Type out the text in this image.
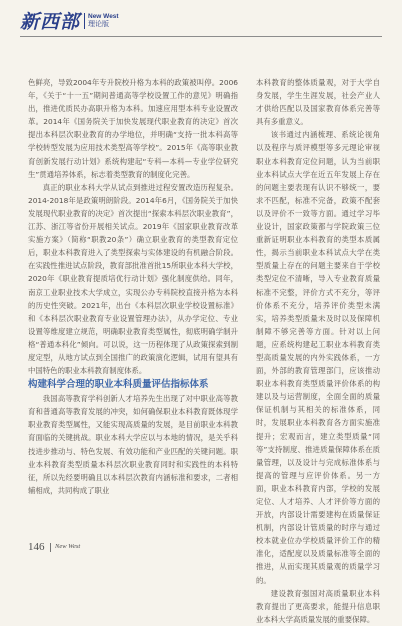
新西部 New West
理论版

色鲜亮，导致2004年专升院校升格为本科的政策被叫停。2006年，《关于“十一五”期间普通高等学校设置工作的意见》明确指出，推进优质民办高职升格为本科。加速应用型本科专业设置改革。2014年《国务院关于加快发展现代职业教育的决定》首次提出本科层次职业教育的办学地位，并明确“支持一批本科高等学校转型发展为应用技术类型高等学校”。2015年《高等职业教育创新发展行动计划》系统构建起“专科—本科—专业学位研究生”贯通培养体系，标志着类型教育的制度化完善。

真正的职业本科大学从试点到推进过程安置改造历程复杂。2014-2018年是政策明朗阶段。2014年6月，《国务院关于加快发展现代职业教育的决定》首次提出“探索本科层次职业教育”，江苏、浙江等省份开展相关试点。2019年《国家职业教育改革实施方案》（简称“职教20条”）确立职业教育的类型教育定位后，职业本科教育进入了类型探索与实体建设的有机融合阶段。在实践性推进试点阶段，教育部批准首批15所职业本科大学校，2020年《职业教育提质培优行动计划》强化制度供给。同年，南京工业职业技术大学成立，实现公办专科院校直接升格为本科的历史性突破。2021年，出台《本科层次职业学校设置标准》和《本科层次职业教育专业设置管理办法》，从办学定位、专业设置等维度建立规范，明确职业教育类型属性，彻底明确学制升格“普通本科化”倾向。可以说，这一历程体现了从政策探索到制度定型，从地方试点到全国推广的政策演化逻辑，试用有望具有中国特色的职业本科教育制度体系。

构建科学合理的职业本科质量评估指标体系

我国高等教育学科创新人才培养先生出现了对中职业高等教育和普通高等教育发展的冲突，如何确保职业本科教育既体现学职业教育类型属性，又能实现高质量的发展，是目前职业本科教育面临的关键挑战。职业本科大学应以与本地的情况，是关乎科技进步推动与、特色发展、有效功能和产业匹配的关键问题。职业本科教育类型质量本科层次职业教育同时和实践性的本科特征，所以先经要明确且以本科层次教育内涵标准和要求，二者相辅相成，共同构成了职业

本科教育的整体质量观，对于大学自身发展，学生生涯发展，社会产业人才供给匹配以及国家教育体系完善等具有多重意义。

该书通过内涵梳理、系统论视角以及程序与质评模型等多元理论审视职业本科教育定位问题，认为当前职业本科试点大学在近五年发展上存在的问题主要表现有认识不够统一，要求不匹配，标准不完备，政策不配套以及评价不一致等方面。通过学习毕业设计，国家政策都与学院政策三位重新证明职业本科教育的类型本质属性，揭示当前职业本科试点大学在类型质量上存在的问题主要来自于学校类型定位不清晰，导入专业教育质量标准不完整，评价方式不充分，等评价体系不充分，培养评价类型未满实，培养类型质量未及时以及保障机制障不够完善等方面。针对以上问题，应系统构建起工职业本科教育类型高质量发展的内外实践体系，一方面，外部的教育管理部门，应该推动职业本科教育类型质量评价体系的构建以及与运营制度，全面全面的质量保证机制与其相关的标准体系，同时，发展职业本科教育各方面实施准提升；宏观而言，建立类型质量“同等”支持制度、推进质量保障体系在质量管理，以及设计与完成标准体系与提高的管理与应评价体系。另一方面，职业本科教育内部，学校的发展定位、人才培养、人才评价等方面的开放，内部设计需要建构在质量保证机制，内部设计管质量的时序与通过校本就业位办学校质量评价工作的精准化，适配度以及质量标准等全面的推进，从而实现其质量观的质量学习的。

建设教育强国对高质量职业本科教育提出了更高要求，能提升信息职业本科大学高质量发展的重要保障。

146 New West
